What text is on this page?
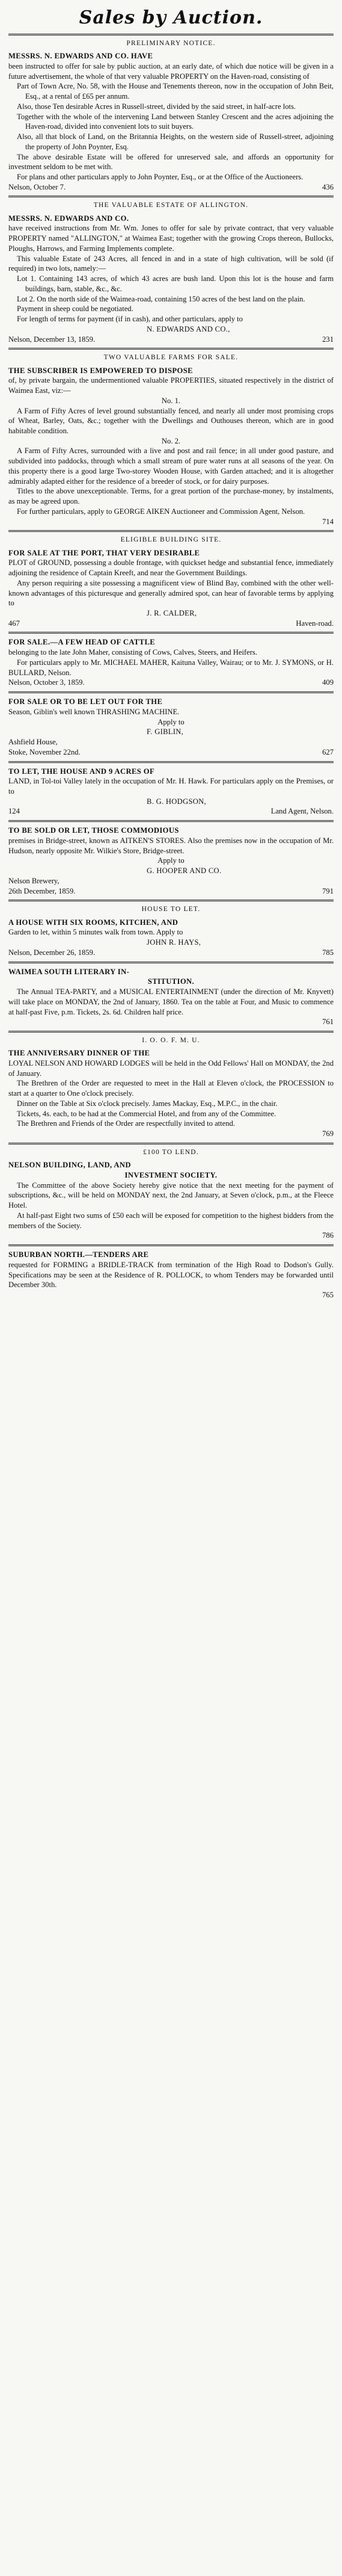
Sales by Auction.
PRELIMINARY NOTICE.

MESSRS. N. EDWARDS AND CO. HAVE

been instructed to offer for sale by public auction, at an early date, of which due notice will be given in a future advertisement, the whole of that very valuable PROPERTY on the Haven-road, consisting of

Part of Town Acre, No. 58, with the House and Tenements thereon, now in the occupation of John Beit, Esq., at a rental of £65 per annum.

Also, those Ten desirable Acres in Russell-street, divided by the said street, in half-acre lots.

Together with the whole of the intervening Land between Stanley Crescent and the acres adjoining the Haven-road, divided into convenient lots to suit buyers.

Also, all that block of Land, on the Britannia Heights, on the western side of Russell-street, adjoining the property of John Poynter, Esq.

The above desirable Estate will be offered for unreserved sale, and affords an opportunity for investment seldom to be met with.

For plans and other particulars apply to John Poynter, Esq., or at the Office of the Auctioneers.

Nelson, October 7.	436
THE VALUABLE ESTATE OF ALLINGTON.

MESSRS. N. EDWARDS AND CO.

have received instructions from Mr. Wm. Jones to offer for sale by private contract, that very valuable PROPERTY named "ALLINGTON," at Waimea East; together with the growing Crops thereon, Bullocks, Ploughs, Harrows, and Farming Implements complete.

This valuable Estate of 243 Acres, all fenced in and in a state of high cultivation, will be sold (if required) in two lots, namely:—

Lot 1. Containing 143 acres, of which 43 acres are bush land. Upon this lot is the house and farm buildings, barn, stable, &c., &c.

Lot 2. On the north side of the Waimea-road, containing 150 acres of the best land on the plain.

Payment in sheep could be negotiated.

For length of terms for payment (if in cash), and other particulars, apply to

N. EDWARDS AND CO.,

Nelson, December 13, 1859.	231
TWO VALUABLE FARMS FOR SALE.

THE SUBSCRIBER IS EMPOWERED TO DISPOSE

of, by private bargain, the undermentioned valuable PROPERTIES, situated respectively in the district of Waimea East, viz:—

No. 1.

A Farm of Fifty Acres of level ground substantially fenced, and nearly all under most promising crops of Wheat, Barley, Oats, &c.; together with the Dwellings and Outhouses thereon, which are in good habitable condition.

No. 2.

A Farm of Fifty Acres, surrounded with a live and post and rail fence; in all under good pasture, and subdivided into paddocks, through which a small stream of pure water runs at all seasons of the year. On this property there is a good large Two-storey Wooden House, with Garden attached; and it is altogether admirably adapted either for the residence of a breeder of stock, or for dairy purposes.

Titles to the above unexceptionable. Terms, for a great portion of the purchase-money, by instalments, as may be agreed upon.

For further particulars, apply to GEORGE AIKEN Auctioneer and Commission Agent, Nelson.

714

ELIGIBLE BUILDING SITE.

FOR SALE AT THE PORT, THAT VERY DESIRABLE

PLOT of GROUND, possessing a double frontage, with quickset hedge and substantial fence, immediately adjoining the residence of Captain Kreeft, and near the Government Buildings.

Any person requiring a site possessing a magnificent view of Blind Bay, combined with the other well-known advantages of this picturesque and generally admired spot, can hear of favorable terms by applying to

J. R. CALDER,

467	Haven-road.

FOR SALE.—A FEW HEAD OF CATTLE

belonging to the late John Maher, consisting of Cows, Calves, Steers, and Heifers.

For particulars apply to Mr. MICHAEL MAHER, Kaituna Valley, Wairau; or to Mr. J. SYMONS, or H. BULLARD, Nelson.

Nelson, October 3, 1859.	409

FOR SALE OR TO BE LET OUT FOR THE

Season, Giblin's well known THRASHING MACHINE.

Apply to

F. GIBLIN,

Ashfield House,

Stoke, November 22nd.	627

TO LET, THE HOUSE AND 9 ACRES OF

LAND, in Tol-toi Valley lately in the occupation of Mr. H. Hawk. For particulars apply on the Premises, or to

B. G. HODGSON,

124	Land Agent, Nelson.

TO BE SOLD OR LET, THOSE COMMODIOUS

premises in Bridge-street, known as AITKEN'S STORES. Also the premises now in the occupation of Mr. Hudson, nearly opposite Mr. Wilkie's Store, Bridge-street.

Apply to

G. HOOPER AND CO.

Nelson Brewery,

26th December, 1859.	791
HOUSE TO LET.

A HOUSE WITH SIX ROOMS, KITCHEN, AND

Garden to let, within 5 minutes walk from town. Apply to

JOHN R. HAYS,

Nelson, December 26, 1859.	785

WAIMEA SOUTH LITERARY IN-

STITUTION.

The Annual TEA-PARTY, and a MUSICAL ENTERTAINMENT (under the direction of Mr. Knyvett) will take place on MONDAY, the 2nd of January, 1860. Tea on the table at Four, and Music to commence at half-past Five, p.m. Tickets, 2s. 6d. Children half price.

761

I. O. O. F. M. U.

THE ANNIVERSARY DINNER OF THE

LOYAL NELSON AND HOWARD LODGES will be held in the Odd Fellows' Hall on MONDAY, the 2nd of January.

The Brethren of the Order are requested to meet in the Hall at Eleven o'clock, the PROCESSION to start at a quarter to One o'clock precisely.

Dinner on the Table at Six o'clock precisely. James Mackay, Esq., M.P.C., in the chair.

Tickets, 4s. each, to be had at the Commercial Hotel, and from any of the Committee.

The Brethren and Friends of the Order are respectfully invited to attend.

769

£100 TO LEND.

NELSON BUILDING, LAND, AND

INVESTMENT SOCIETY.

The Committee of the above Society hereby give notice that the next meeting for the payment of subscriptions, &c., will be held on MONDAY next, the 2nd January, at Seven o'clock, p.m., at the Fleece Hotel.

At half-past Eight two sums of £50 each will be exposed for competition to the highest bidders from the members of the Society.

786

SUBURBAN NORTH.—TENDERS ARE

requested for FORMING a BRIDLE-TRACK from termination of the High Road to Dodson's Gully. Specifications may be seen at the Residence of R. POLLOCK, to whom Tenders may be forwarded until December 30th.

765
